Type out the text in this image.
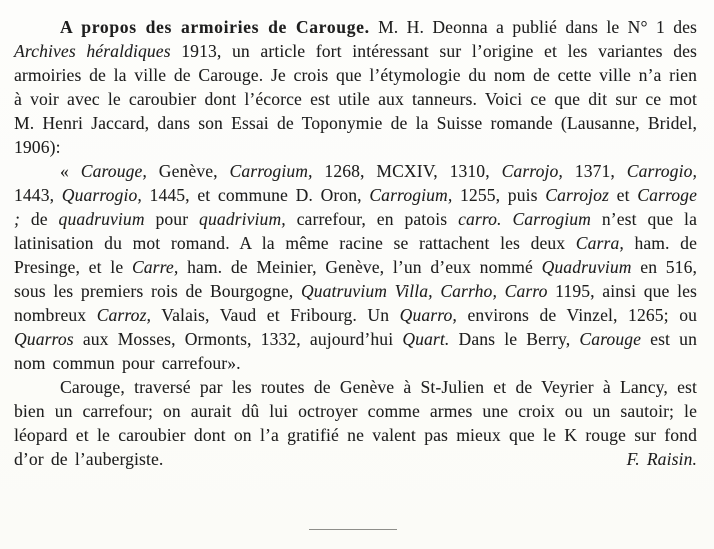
A propos des armoiries de Carouge. M. H. Deonna a publié dans le N° 1 des Archives héraldiques 1913, un article fort intéressant sur l’origine et les variantes des armoiries de la ville de Carouge. Je crois que l’étymologie du nom de cette ville n’a rien à voir avec le caroubier dont l’écorce est utile aux tanneurs. Voici ce que dit sur ce mot M. Henri Jaccard, dans son Essai de Toponymie de la Suisse romande (Lausanne, Bridel, 1906):

« Carouge, Genève, Carrogium, 1268, MCXIV, 1310, Carrojo, 1371, Carrogio, 1443, Quarrogio, 1445, et commune D. Oron, Carrogium, 1255, puis Carrojoz et Carroge ; de quadruvium pour quadrivium, carrefour, en patois carro. Carrogium n’est que la latinisation du mot romand. A la même racine se rattachent les deux Carra, ham. de Presinge, et le Carre, ham. de Meinier, Genève, l’un d’eux nommé Quadruvium en 516, sous les premiers rois de Bourgogne, Quatruvium Villa, Carrho, Carro 1195, ainsi que les nombreux Carroz, Valais, Vaud et Fribourg. Un Quarro, environs de Vinzel, 1265; ou Quarros aux Mosses, Ormonts, 1332, aujourd’hui Quart. Dans le Berry, Carouge est un nom commun pour carrefour».

Carouge, traversé par les routes de Genève à St-Julien et de Veyrier à Lancy, est bien un carrefour; on aurait dû lui octroyer comme armes une croix ou un sautoir; le léopard et le caroubier dont on l’a gratifié ne valent pas mieux que le K rouge sur fond d’or de l’aubergiste.	F. Raisin.
